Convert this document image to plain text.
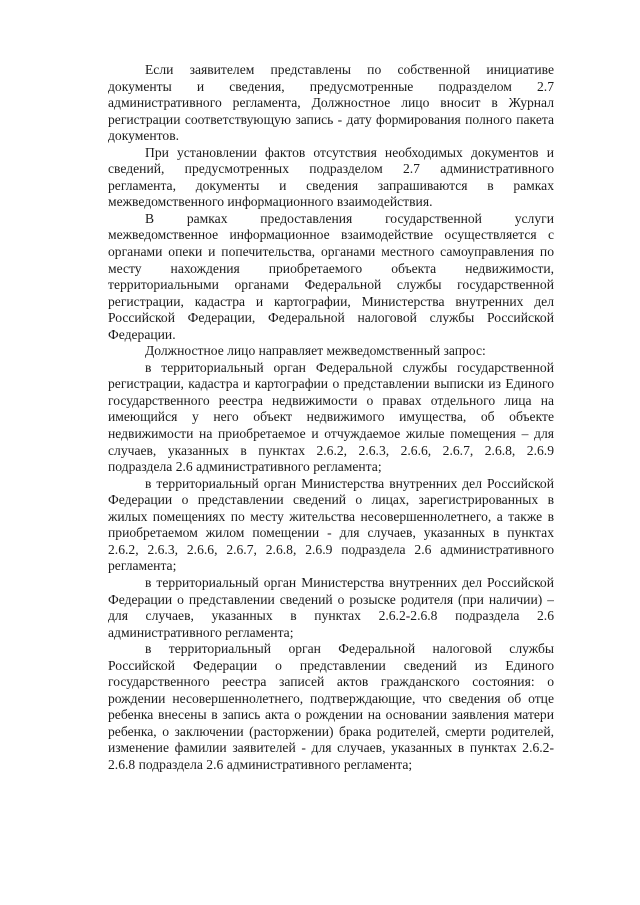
Если заявителем представлены по собственной инициативе
документы и сведения, предусмотренные подразделом 2.7
административного регламента, Должностное лицо вносит в Журнал
регистрации соответствующую запись - дату формирования полного пакета
документов.

При установлении фактов отсутствия необходимых документов и
сведений, предусмотренных подразделом 2.7 административного
регламента, документы и сведения запрашиваются в рамках
межведомственного информационного взаимодействия.

В рамках предоставления государственной услуги
межведомственное информационное взаимодействие осуществляется с
органами опеки и попечительства, органами местного самоуправления по
месту нахождения приобретаемого объекта недвижимости,
территориальными органами Федеральной службы государственной
регистрации, кадастра и картографии, Министерства внутренних дел
Российской Федерации, Федеральной налоговой службы Российской
Федерации.

Должностное лицо направляет межведомственный запрос:

в территориальный орган Федеральной службы государственной
регистрации, кадастра и картографии о представлении выписки из Единого
государственного реестра недвижимости о правах отдельного лица на
имеющийся у него объект недвижимого имущества, об объекте
недвижимости на приобретаемое и отчуждаемое жилые помещения – для
случаев, указанных в пунктах 2.6.2, 2.6.3, 2.6.6, 2.6.7, 2.6.8, 2.6.9
подраздела 2.6 административного регламента;

в территориальный орган Министерства внутренних дел Российской
Федерации о представлении сведений о лицах, зарегистрированных в
жилых помещениях по месту жительства несовершеннолетнего, а также в
приобретаемом жилом помещении - для случаев, указанных в пунктах
2.6.2, 2.6.3, 2.6.6, 2.6.7, 2.6.8, 2.6.9 подраздела 2.6 административного
регламента;

в территориальный орган Министерства внутренних дел Российской
Федерации о представлении сведений о розыске родителя (при наличии) –
для случаев, указанных в пунктах 2.6.2-2.6.8 подраздела 2.6
административного регламента;

в территориальный орган Федеральной налоговой службы
Российской Федерации о представлении сведений из Единого
государственного реестра записей актов гражданского состояния: о
рождении несовершеннолетнего, подтверждающие, что сведения об отце
ребенка внесены в запись акта о рождении на основании заявления матери
ребенка, о заключении (расторжении) брака родителей, смерти родителей,
изменение фамилии заявителей - для случаев, указанных в пунктах 2.6.2-
2.6.8 подраздела 2.6 административного регламента;
